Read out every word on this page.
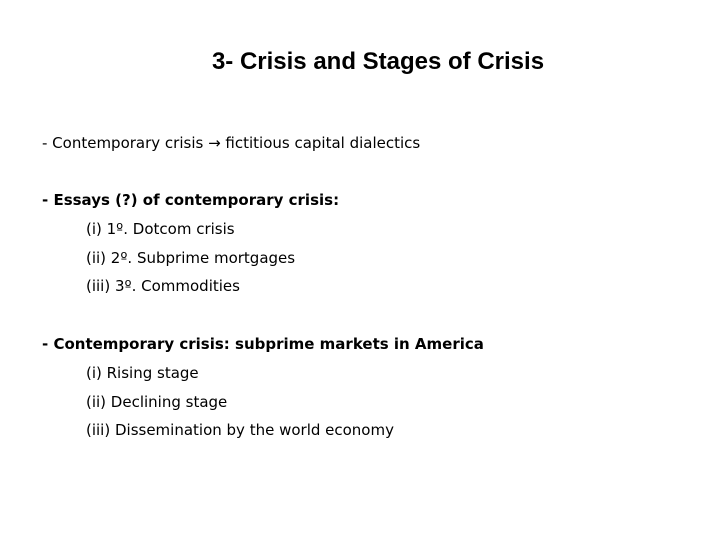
3- Crisis and Stages of Crisis
- Contemporary crisis → fictitious capital dialectics
- Essays (?) of contemporary crisis:
(i) 1º. Dotcom crisis
(ii) 2º. Subprime mortgages
(iii) 3º. Commodities
- Contemporary crisis: subprime markets in America
(i) Rising stage
(ii) Declining stage
(iii) Dissemination by the world economy
